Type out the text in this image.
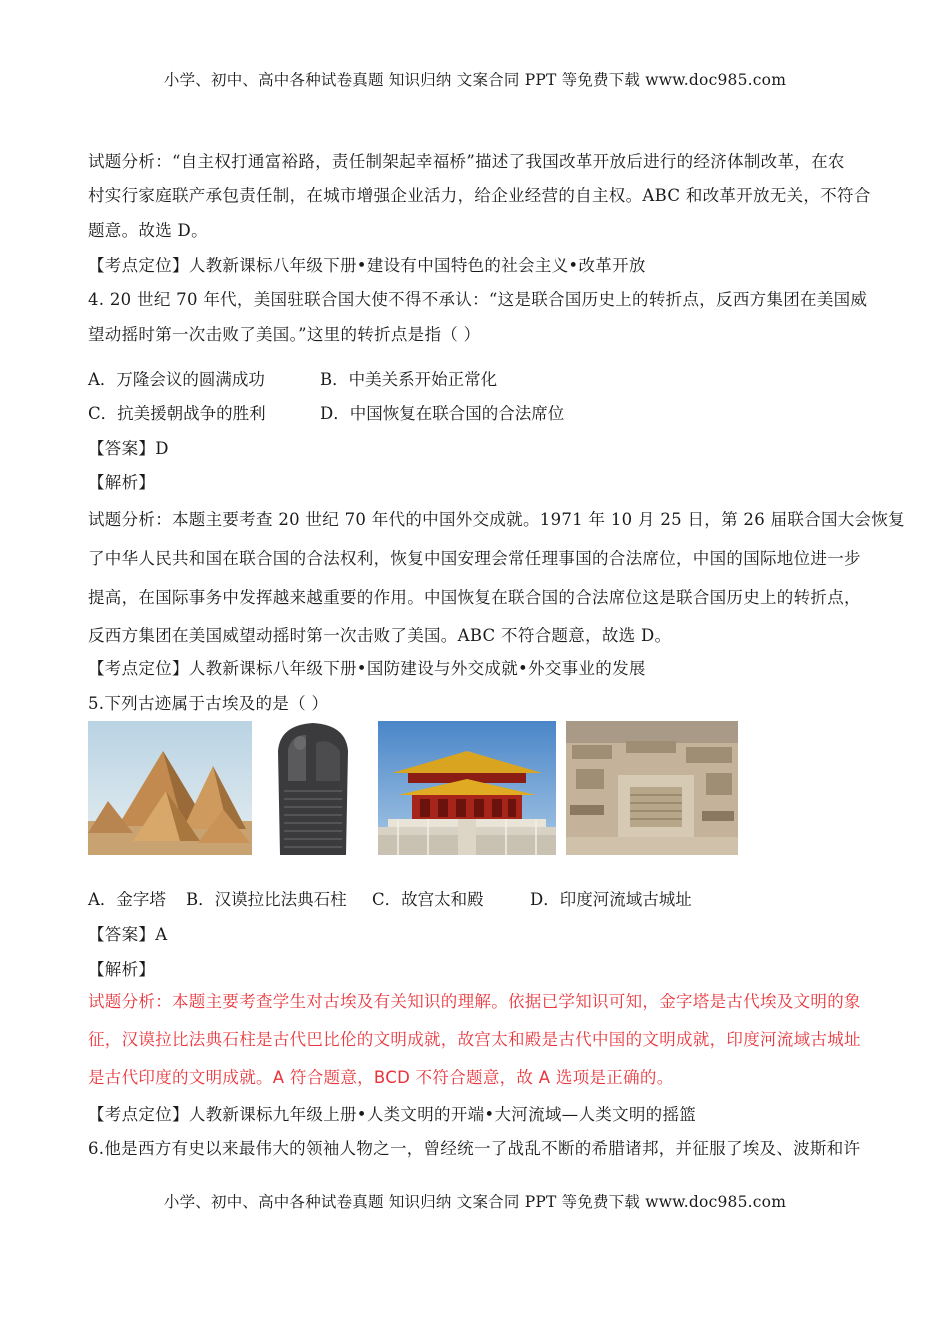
小学、初中、高中各种试卷真题 知识归纳 文案合同 PPT 等免费下载 www.doc985.com
试题分析：“自主权打通富裕路，责任制架起幸福桥”描述了我国改革开放后进行的经济体制改革，在农
村实行家庭联产承包责任制，在城市增强企业活力，给企业经营的自主权。ABC 和改革开放无关，不符合
题意。故选 D。
【考点定位】人教新课标八年级下册•建设有中国特色的社会主义•改革开放
4. 20 世纪 70 年代，美国驻联合国大使不得不承认：“这是联合国历史上的转折点，反西方集团在美国威
望动摇时第一次击败了美国。”这里的转折点是指（ ）
A．万隆会议的圆满成功	B．中美关系开始正常化
C．抗美援朝战争的胜利	D．中国恢复在联合国的合法席位
【答案】D
【解析】
试题分析：本题主要考查 20 世纪 70 年代的中国外交成就。1971 年 10 月 25 日，第 26 届联合国大会恢复
了中华人民共和国在联合国的合法权利，恢复中国安理会常任理事国的合法席位，中国的国际地位进一步
提高，在国际事务中发挥越来越重要的作用。中国恢复在联合国的合法席位这是联合国历史上的转折点，
反西方集团在美国威望动摇时第一次击败了美国。ABC 不符合题意，故选 D。
【考点定位】人教新课标八年级下册•国防建设与外交成就•外交事业的发展
5.下列古迹属于古埃及的是（ ）
A．金字塔 B．汉谟拉比法典石柱 C．故宫太和殿	D．印度河流域古城址
【答案】A
【解析】
试题分析：本题主要考查学生对古埃及有关知识的理解。依据已学知识可知，金字塔是古代埃及文明的象
征，汉谟拉比法典石柱是古代巴比伦的文明成就，故宫太和殿是古代中国的文明成就，印度河流域古城址
是古代印度的文明成就。A 符合题意，BCD 不符合题意，故 A 选项是正确的。
【考点定位】人教新课标九年级上册•人类文明的开端•大河流域—人类文明的摇篮
6.他是西方有史以来最伟大的领袖人物之一，曾经统一了战乱不断的希腊诸邦，并征服了埃及、波斯和许
小学、初中、高中各种试卷真题 知识归纳 文案合同 PPT 等免费下载 www.doc985.com
